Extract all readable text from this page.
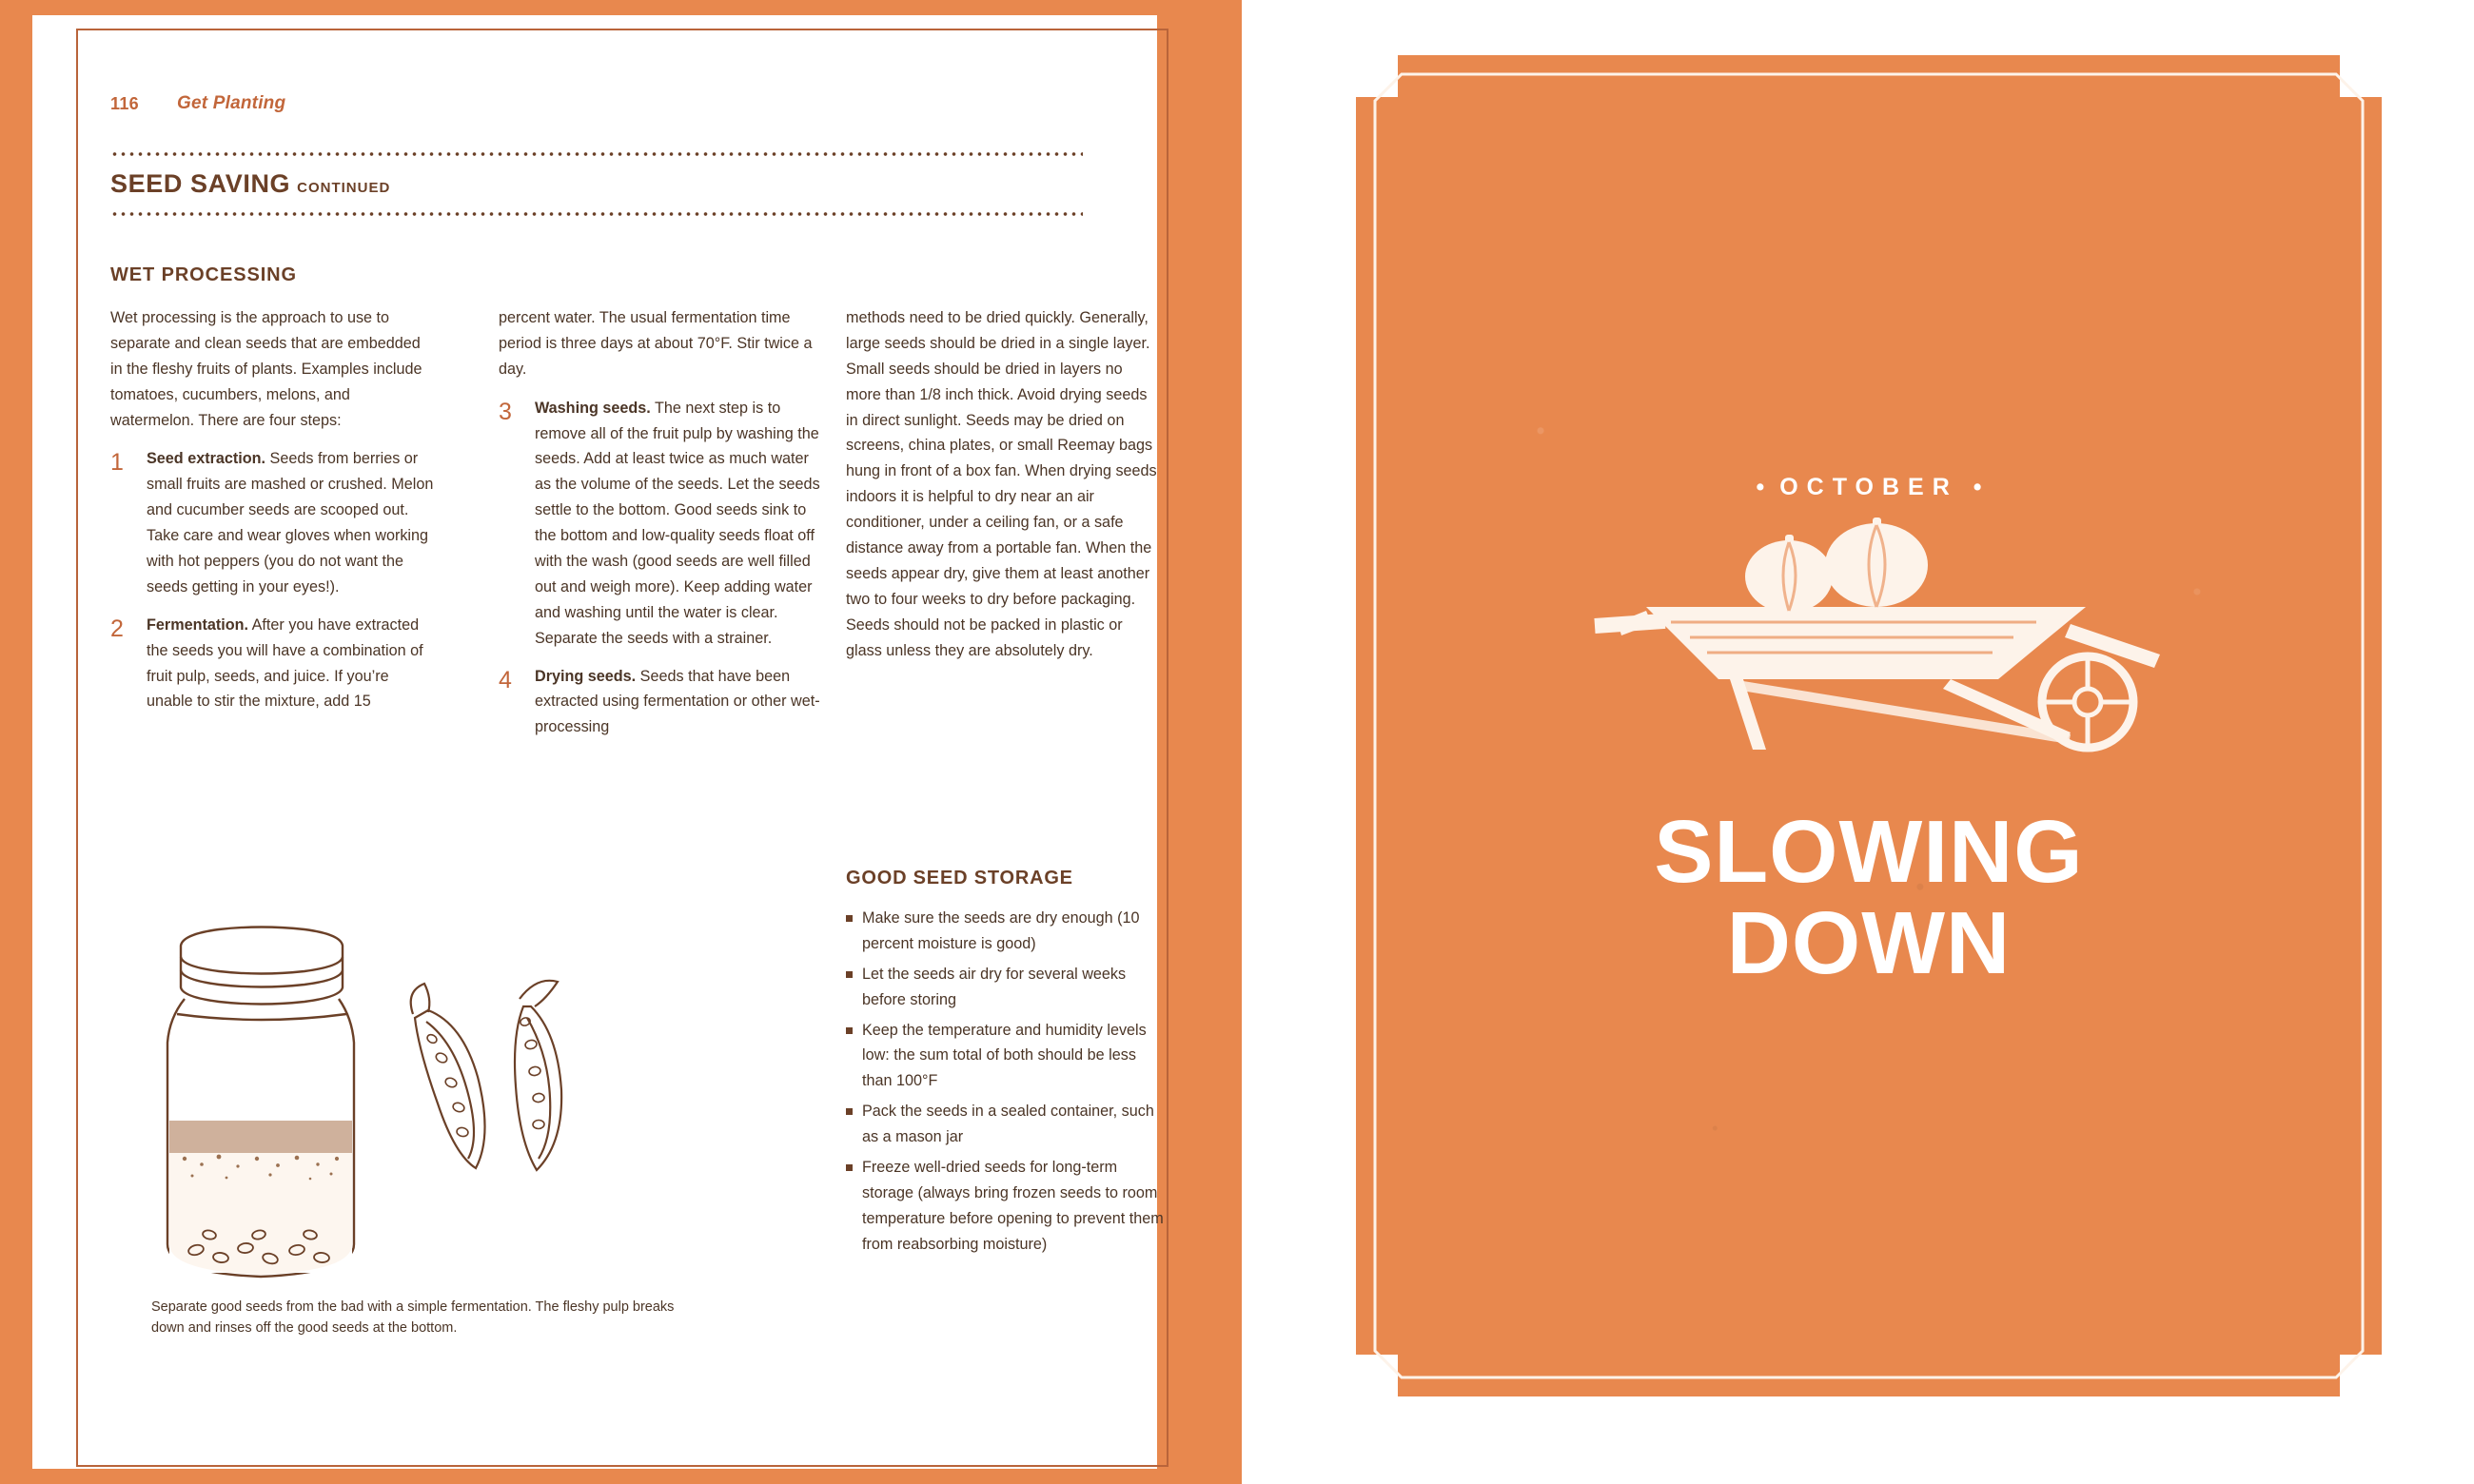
116 Get Planting
SEED SAVING CONTINUED
WET PROCESSING

Wet processing is the approach to use to separate and clean seeds that are embedded in the fleshy fruits of plants. Examples include tomatoes, cucumbers, melons, and watermelon. There are four steps:

1 Seed extraction. Seeds from berries or small fruits are mashed or crushed. Melon and cucumber seeds are scooped out. Take care and wear gloves when working with hot peppers (you do not want the seeds getting in your eyes!).
2 Fermentation. After you have extracted the seeds you will have a combination of fruit pulp, seeds, and juice. If you’re unable to stir the mixture, add 15

percent water. The usual fermentation time period is three days at about 70°F. Stir twice a day.

3 Washing seeds. The next step is to remove all of the fruit pulp by washing the seeds. Add at least twice as much water as the volume of the seeds. Let the seeds settle to the bottom. Good seeds sink to the bottom and low-quality seeds float off with the wash (good seeds are well filled out and weigh more). Keep adding water and washing until the water is clear. Separate the seeds with a strainer.
4 Drying seeds. Seeds that have been extracted using fermentation or other wet-processing

methods need to be dried quickly. Generally, large seeds should be dried in a single layer. Small seeds should be dried in layers no more than 1/8 inch thick. Avoid drying seeds in direct sunlight. Seeds may be dried on screens, china plates, or small Reemay bags hung in front of a box fan. When drying seeds indoors it is helpful to dry near an air conditioner, under a ceiling fan, or a safe distance away from a portable fan. When the seeds appear dry, give them at least another two to four weeks to dry before packaging. Seeds should not be packed in plastic or glass unless they are absolutely dry.

GOOD SEED STORAGE
Make sure the seeds are dry enough (10 percent moisture is good)
Let the seeds air dry for several weeks before storing
Keep the temperature and humidity levels low: the sum total of both should be less than 100°F
Pack the seeds in a sealed container, such as a mason jar
Freeze well-dried seeds for long-term storage (always bring frozen seeds to room temperature before opening to prevent them from reabsorbing moisture)
Separate good seeds from the bad with a simple fermentation. The fleshy pulp breaks down and rinses off the good seeds at the bottom.
• OCTOBER •
SLOWING
DOWN
